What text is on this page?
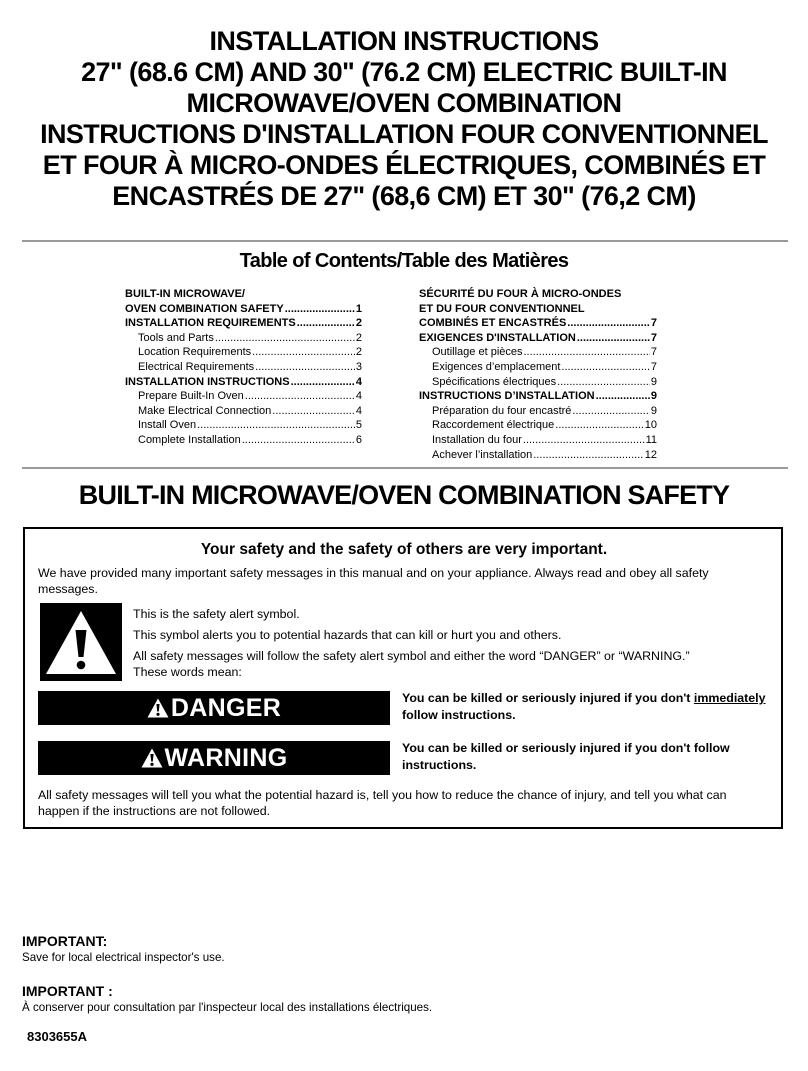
INSTALLATION INSTRUCTIONS
27" (68.6 CM) AND 30" (76.2 CM) ELECTRIC BUILT-IN
MICROWAVE/OVEN COMBINATION
INSTRUCTIONS D'INSTALLATION FOUR CONVENTIONNEL
ET FOUR À MICRO-ONDES ÉLECTRIQUES, COMBINÉS ET
ENCASTRÉS DE 27" (68,6 CM) ET 30" (76,2 CM)
Table of Contents/Table des Matières
BUILT-IN MICROWAVE/
OVEN COMBINATION SAFETY .....	1
INSTALLATION REQUIREMENTS .....	2
Tools and Parts .....	2
Location Requirements .....	2
Electrical Requirements .....	3
INSTALLATION INSTRUCTIONS .....	4
Prepare Built-In Oven .....	4
Make Electrical Connection .....	4
Install Oven .....	5
Complete Installation .....	6
SÉCURITÉ DU FOUR À MICRO-ONDES
ET DU FOUR CONVENTIONNEL
COMBINÉS ET ENCASTRÉS .....	7
EXIGENCES D'INSTALLATION .....	7
Outillage et pièces .....	7
Exigences d’emplacement .....	7
Spécifications électriques .....	9
INSTRUCTIONS D’INSTALLATION .....	9
Préparation du four encastré .....	9
Raccordement électrique .....	10
Installation du four .....	11
Achever l’installation .....	12
BUILT-IN MICROWAVE/OVEN COMBINATION SAFETY
Your safety and the safety of others are very important.
We have provided many important safety messages in this manual and on your appliance. Always read and obey all safety messages.
This is the safety alert symbol.
This symbol alerts you to potential hazards that can kill or hurt you and others.
All safety messages will follow the safety alert symbol and either the word “DANGER” or “WARNING.”
These words mean:
DANGER	You can be killed or seriously injured if you don't immediately follow instructions.
WARNING	You can be killed or seriously injured if you don't follow instructions.
All safety messages will tell you what the potential hazard is, tell you how to reduce the chance of injury, and tell you what can happen if the instructions are not followed.
IMPORTANT:
Save for local electrical inspector's use.
IMPORTANT :
À conserver pour consultation par l'inspecteur local des installations électriques.
8303655A
